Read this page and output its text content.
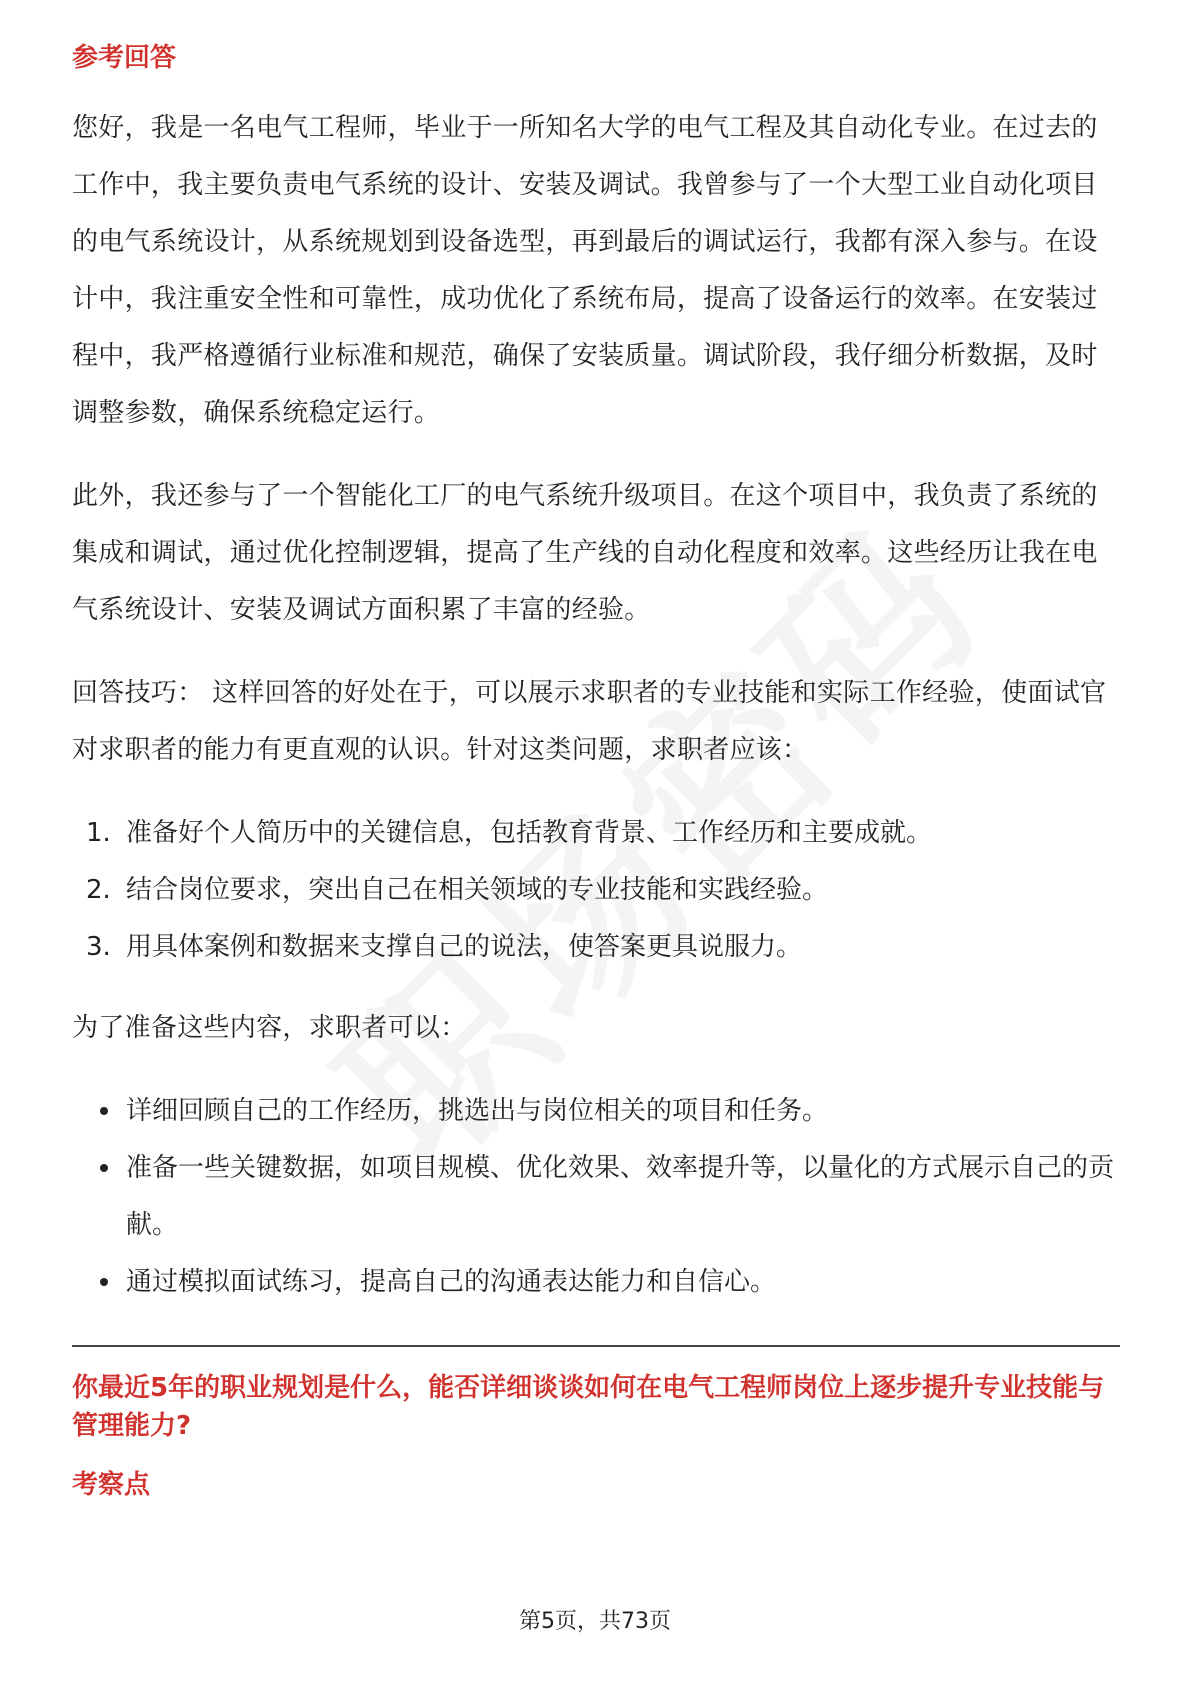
参考回答

您好，我是一名电气工程师，毕业于一所知名大学的电气工程及其自动化专业。在过去的工作中，我主要负责电气系统的设计、安装及调试。我曾参与了一个大型工业自动化项目的电气系统设计，从系统规划到设备选型，再到最后的调试运行，我都有深入参与。在设计中，我注重安全性和可靠性，成功优化了系统布局，提高了设备运行的效率。在安装过程中，我严格遵循行业标准和规范，确保了安装质量。调试阶段，我仔细分析数据，及时调整参数，确保系统稳定运行。

此外，我还参与了一个智能化工厂的电气系统升级项目。在这个项目中，我负责了系统的集成和调试，通过优化控制逻辑，提高了生产线的自动化程度和效率。这些经历让我在电气系统设计、安装及调试方面积累了丰富的经验。

回答技巧： 这样回答的好处在于，可以展示求职者的专业技能和实际工作经验，使面试官对求职者的能力有更直观的认识。针对这类问题，求职者应该：

1. 准备好个人简历中的关键信息，包括教育背景、工作经历和主要成就。
2. 结合岗位要求，突出自己在相关领域的专业技能和实践经验。
3. 用具体案例和数据来支撑自己的说法，使答案更具说服力。

为了准备这些内容，求职者可以：

详细回顾自己的工作经历，挑选出与岗位相关的项目和任务。
准备一些关键数据，如项目规模、优化效果、效率提升等，以量化的方式展示自己的贡献。
通过模拟面试练习，提高自己的沟通表达能力和自信心。
你最近5年的职业规划是什么，能否详细谈谈如何在电气工程师岗位上逐步提升专业技能与管理能力?
考察点
第5页，共73页
